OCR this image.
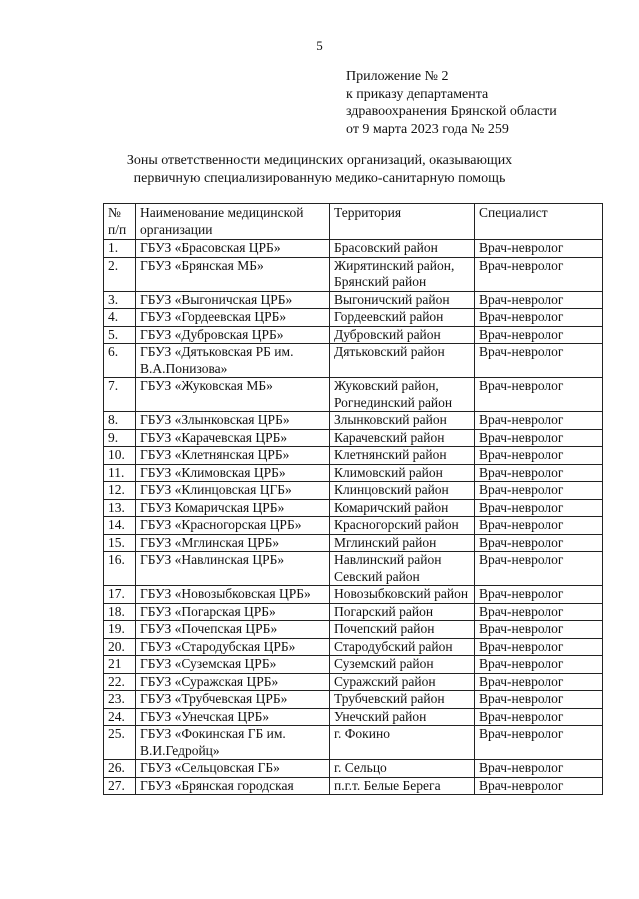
5
Приложение № 2
к приказу департамента
здравоохранения Брянской области
от 9 марта 2023 года № 259
Зоны ответственности медицинских организаций, оказывающих
первичную специализированную медико-санитарную помощь
№ п/п	Наименование медицинской организации	Территория	Специалист
1.	ГБУЗ «Брасовская ЦРБ»	Брасовский район	Врач-невролог
2.	ГБУЗ «Брянская МБ»	Жирятинский район, Брянский район	Врач-невролог
3.	ГБУЗ «Выгоничская ЦРБ»	Выгоничский район	Врач-невролог
4.	ГБУЗ «Гордеевская ЦРБ»	Гордеевский район	Врач-невролог
5.	ГБУЗ «Дубровская ЦРБ»	Дубровский район	Врач-невролог
6.	ГБУЗ «Дятьковская РБ им. В.А.Понизова»	Дятьковский район	Врач-невролог
7.	ГБУЗ «Жуковская МБ»	Жуковский район, Рогнединский район	Врач-невролог
8.	ГБУЗ «Злынковская ЦРБ»	Злынковский район	Врач-невролог
9.	ГБУЗ «Карачевская ЦРБ»	Карачевский район	Врач-невролог
10.	ГБУЗ «Клетнянская ЦРБ»	Клетнянский район	Врач-невролог
11.	ГБУЗ «Климовская ЦРБ»	Климовский район	Врач-невролог
12.	ГБУЗ «Клинцовская ЦГБ»	Клинцовский район	Врач-невролог
13.	ГБУЗ Комаричская ЦРБ»	Комаричский район	Врач-невролог
14.	ГБУЗ «Красногорская ЦРБ»	Красногорский район	Врач-невролог
15.	ГБУЗ «Мглинская ЦРБ»	Мглинский район	Врач-невролог
16.	ГБУЗ «Навлинская ЦРБ»	Навлинский район Севский район	Врач-невролог
17.	ГБУЗ «Новозыбковская ЦРБ»	Новозыбковский район	Врач-невролог
18.	ГБУЗ «Погарская ЦРБ»	Погарский район	Врач-невролог
19.	ГБУЗ «Почепская ЦРБ»	Почепский район	Врач-невролог
20.	ГБУЗ «Стародубская ЦРБ»	Стародубский район	Врач-невролог
21	ГБУЗ «Суземская ЦРБ»	Суземский район	Врач-невролог
22.	ГБУЗ «Суражская ЦРБ»	Суражский район	Врач-невролог
23.	ГБУЗ «Трубчевская ЦРБ»	Трубчевский район	Врач-невролог
24.	ГБУЗ «Унечская ЦРБ»	Унечский район	Врач-невролог
25.	ГБУЗ «Фокинская ГБ им. В.И.Гедройц»	г. Фокино	Врач-невролог
26.	ГБУЗ «Сельцовская ГБ»	г. Сельцо	Врач-невролог
27.	ГБУЗ «Брянская городская	п.г.т. Белые Берега	Врач-невролог
